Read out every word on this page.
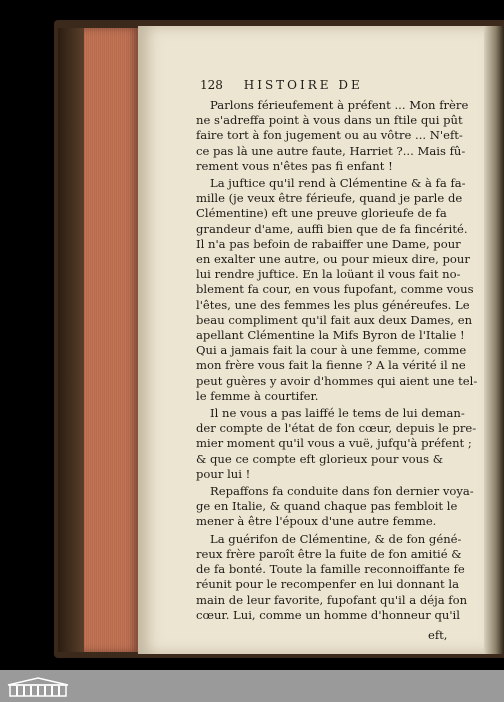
128 HISTOIRE DE
Parlons férieufement à préfent ... Mon frère
ne s'adreffa point à vous dans un ftile qui pût
faire tort à fon jugement ou au vôtre ... N'eft-
ce pas là une autre faute, Harriet ?... Mais fû-
rement vous n'êtes pas fi enfant !
La juftice qu'il rend à Clémentine & à fa fa-
mille (je veux être férieufe, quand je parle de
Clémentine) eft une preuve glorieufe de fa
grandeur d'ame, auffi bien que de fa fincérité.
Il n'a pas befoin de rabaiffer une Dame, pour
en exalter une autre, ou pour mieux dire, pour
lui rendre juftice. En la loüant il vous fait no-
blement fa cour, en vous fupofant, comme vous
l'êtes, une des femmes les plus généreufes. Le
beau compliment qu'il fait aux deux Dames, en
apellant Clémentine la Mifs Byron de l'Italie !
Qui a jamais fait la cour à une femme, comme
mon frère vous fait la fienne ? A la vérité il ne
peut guères y avoir d'hommes qui aient une tel-
le femme à courtifer.
Il ne vous a pas laiffé le tems de lui deman-
der compte de l'état de fon cœur, depuis le pre-
mier moment qu'il vous a vuë, jufqu'à préfent ;
& que ce compte eft glorieux pour vous &
pour lui !
Repaffons fa conduite dans fon dernier voya-
ge en Italie, & quand chaque pas fembloit le
mener à être l'époux d'une autre femme.
La guérifon de Clémentine, & de fon géné-
reux frère paroît être la fuite de fon amitié &
de fa bonté. Toute la famille reconnoiffante fe
réunit pour le recompenfer en lui donnant la
main de leur favorite, fupofant qu'il a déja fon
cœur. Lui, comme un homme d'honneur qu'il
eft,
